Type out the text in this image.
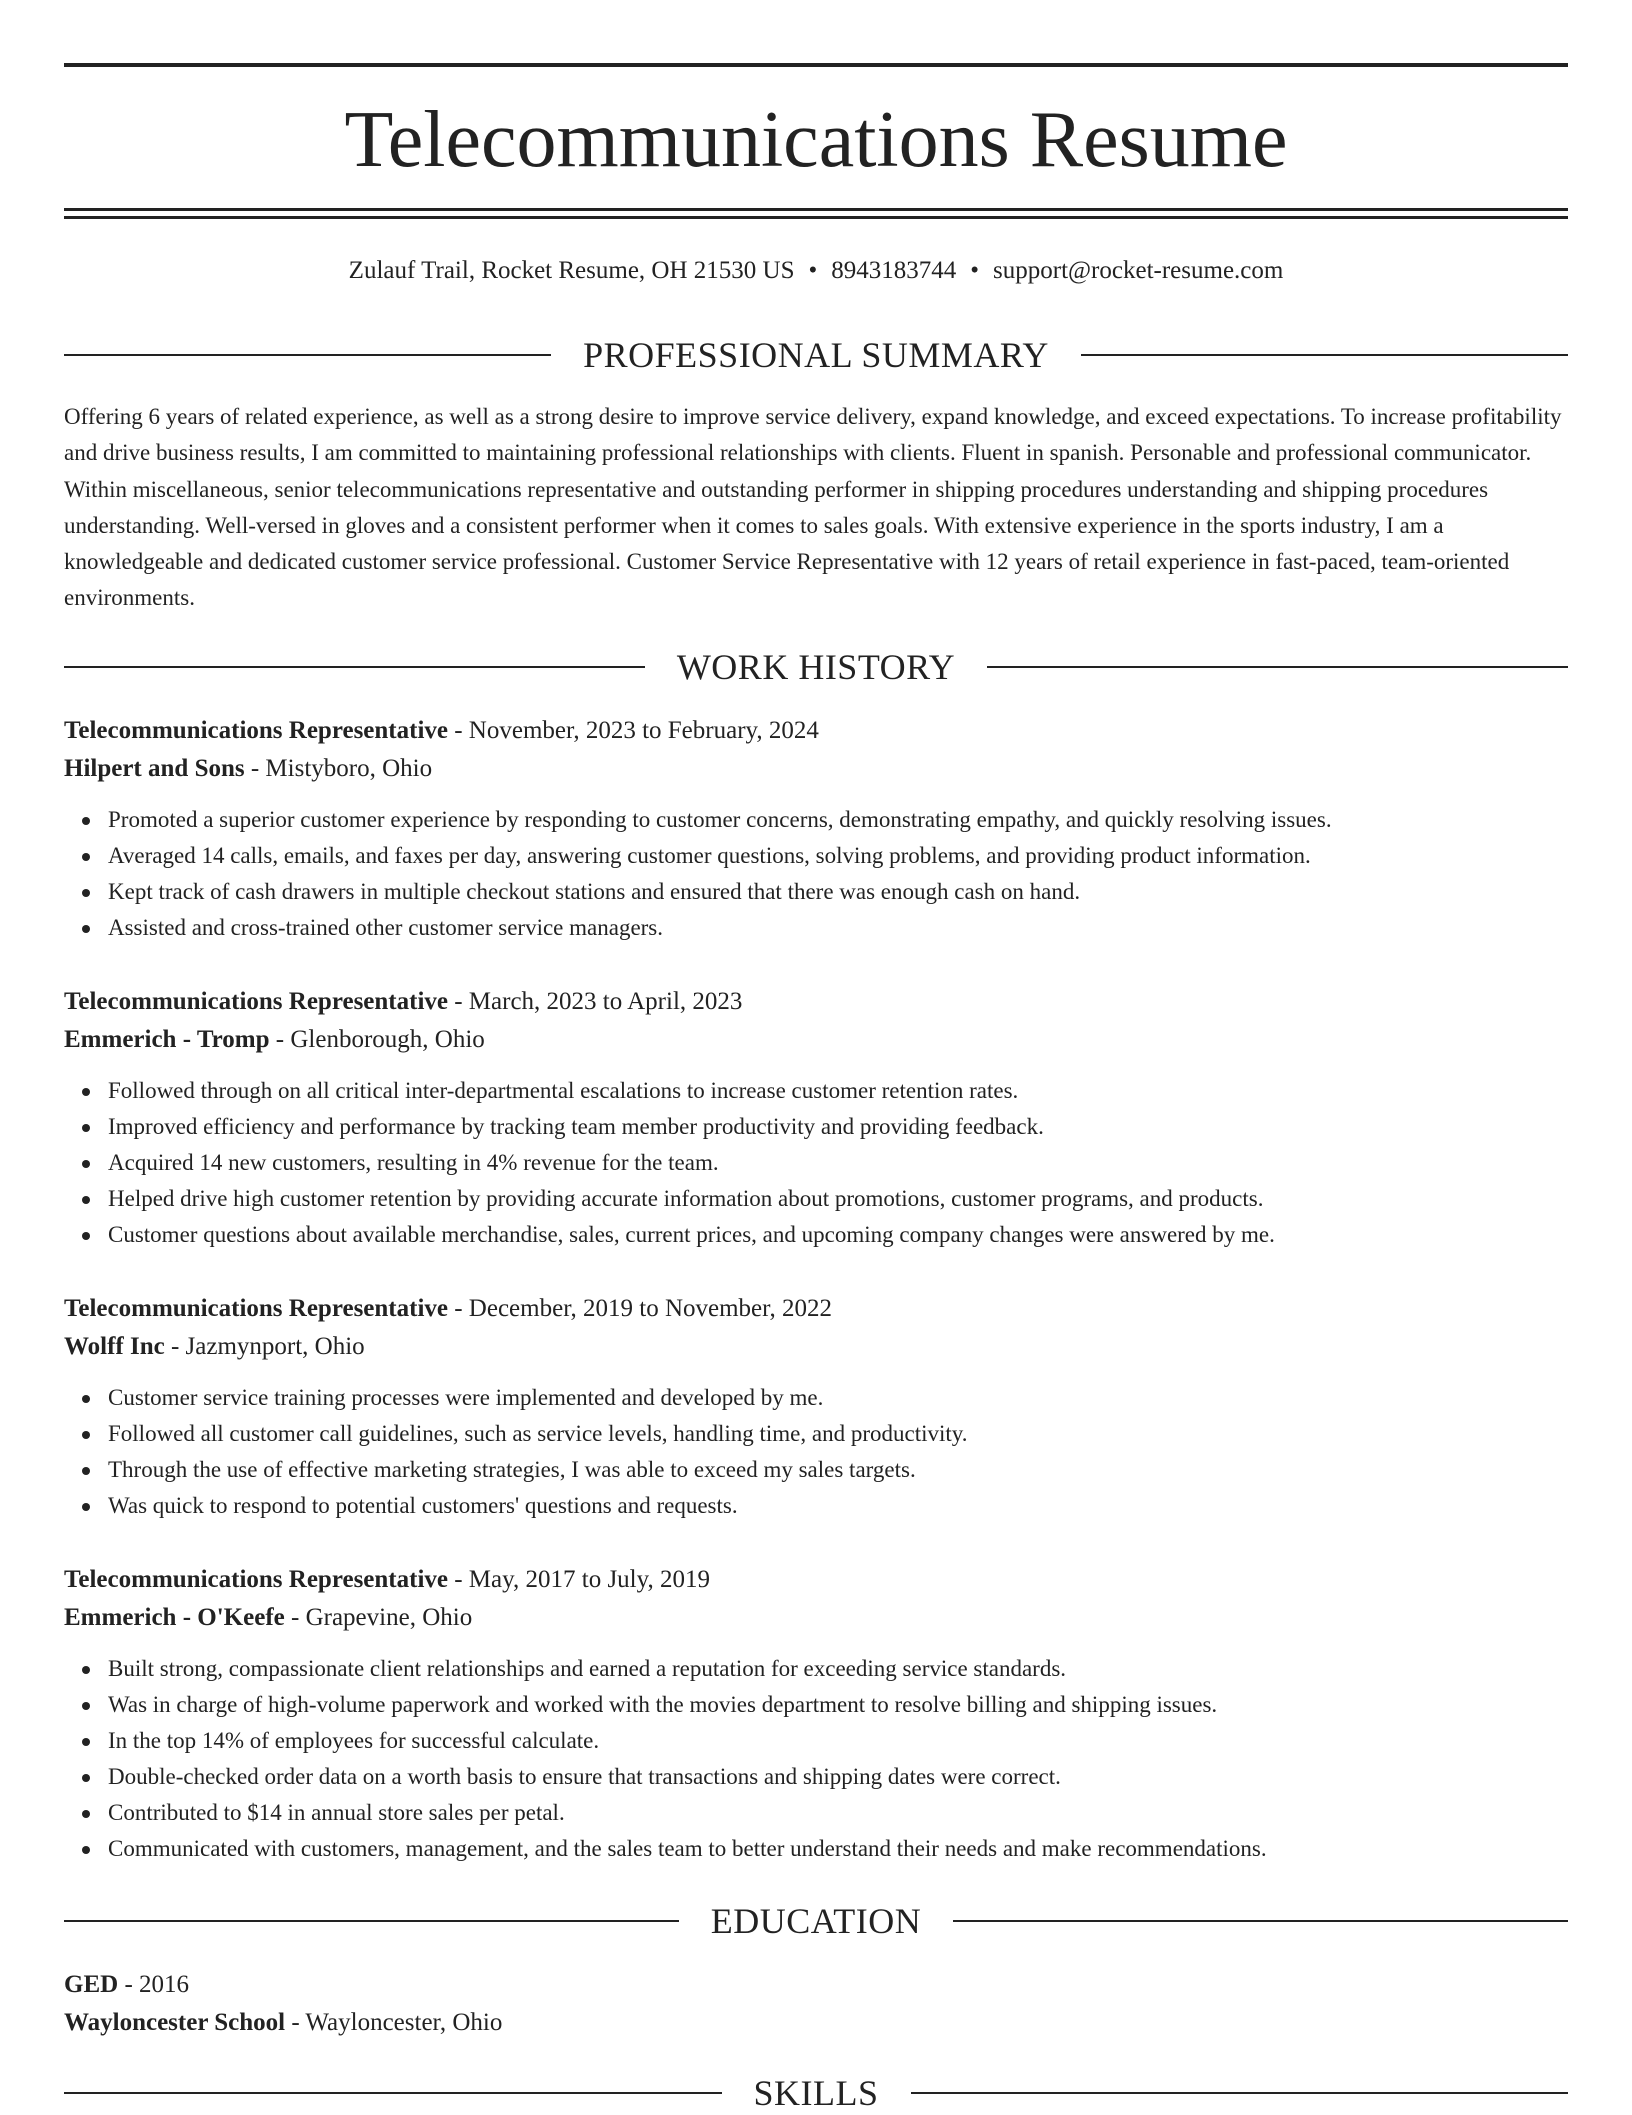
Telecommunications Resume
Zulauf Trail, Rocket Resume, OH 21530 US • 8943183744 • support@rocket-resume.com
PROFESSIONAL SUMMARY

Offering 6 years of related experience, as well as a strong desire to improve service delivery, expand knowledge, and exceed expectations. To increase profitability and drive business results, I am committed to maintaining professional relationships with clients. Fluent in spanish. Personable and professional communicator. Within miscellaneous, senior telecommunications representative and outstanding performer in shipping procedures understanding and shipping procedures understanding. Well-versed in gloves and a consistent performer when it comes to sales goals. With extensive experience in the sports industry, I am a knowledgeable and dedicated customer service professional. Customer Service Representative with 12 years of retail experience in fast-paced, team-oriented environments.

WORK HISTORY
Telecommunications Representative - November, 2023 to February, 2024
Hilpert and Sons - Mistyboro, Ohio
Promoted a superior customer experience by responding to customer concerns, demonstrating empathy, and quickly resolving issues.
Averaged 14 calls, emails, and faxes per day, answering customer questions, solving problems, and providing product information.
Kept track of cash drawers in multiple checkout stations and ensured that there was enough cash on hand.
Assisted and cross-trained other customer service managers.
Telecommunications Representative - March, 2023 to April, 2023
Emmerich - Tromp - Glenborough, Ohio
Followed through on all critical inter-departmental escalations to increase customer retention rates.
Improved efficiency and performance by tracking team member productivity and providing feedback.
Acquired 14 new customers, resulting in 4% revenue for the team.
Helped drive high customer retention by providing accurate information about promotions, customer programs, and products.
Customer questions about available merchandise, sales, current prices, and upcoming company changes were answered by me.
Telecommunications Representative - December, 2019 to November, 2022
Wolff Inc - Jazmynport, Ohio
Customer service training processes were implemented and developed by me.
Followed all customer call guidelines, such as service levels, handling time, and productivity.
Through the use of effective marketing strategies, I was able to exceed my sales targets.
Was quick to respond to potential customers' questions and requests.
Telecommunications Representative - May, 2017 to July, 2019
Emmerich - O'Keefe - Grapevine, Ohio
Built strong, compassionate client relationships and earned a reputation for exceeding service standards.
Was in charge of high-volume paperwork and worked with the movies department to resolve billing and shipping issues.
In the top 14% of employees for successful calculate.
Double-checked order data on a worth basis to ensure that transactions and shipping dates were correct.
Contributed to $14 in annual store sales per petal.
Communicated with customers, management, and the sales team to better understand their needs and make recommendations.
EDUCATION
GED - 2016
Wayloncester School - Wayloncester, Ohio
SKILLS
